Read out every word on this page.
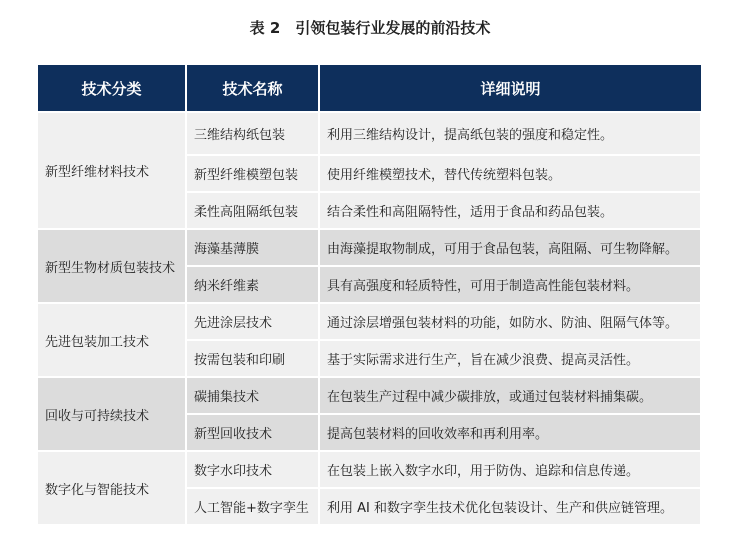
表 2　引领包装行业发展的前沿技术
技术分类	技术名称	详细说明
新型纤维材料技术	三维结构纸包装	利用三维结构设计，提高纸包装的强度和稳定性。
	新型纤维模塑包装	使用纤维模塑技术，替代传统塑料包装。
	柔性高阻隔纸包装	结合柔性和高阻隔特性，适用于食品和药品包装。
新型生物材质包装技术	海藻基薄膜	由海藻提取物制成，可用于食品包装，高阻隔、可生物降解。
	纳米纤维素	具有高强度和轻质特性，可用于制造高性能包装材料。
先进包装加工技术	先进涂层技术	通过涂层增强包装材料的功能，如防水、防油、阻隔气体等。
	按需包装和印刷	基于实际需求进行生产，旨在减少浪费、提高灵活性。
回收与可持续技术	碳捕集技术	在包装生产过程中减少碳排放，或通过包装材料捕集碳。
	新型回收技术	提高包装材料的回收效率和再利用率。
数字化与智能技术	数字水印技术	在包装上嵌入数字水印，用于防伪、追踪和信息传递。
	人工智能+数字孪生	利用 AI 和数字孪生技术优化包装设计、生产和供应链管理。
